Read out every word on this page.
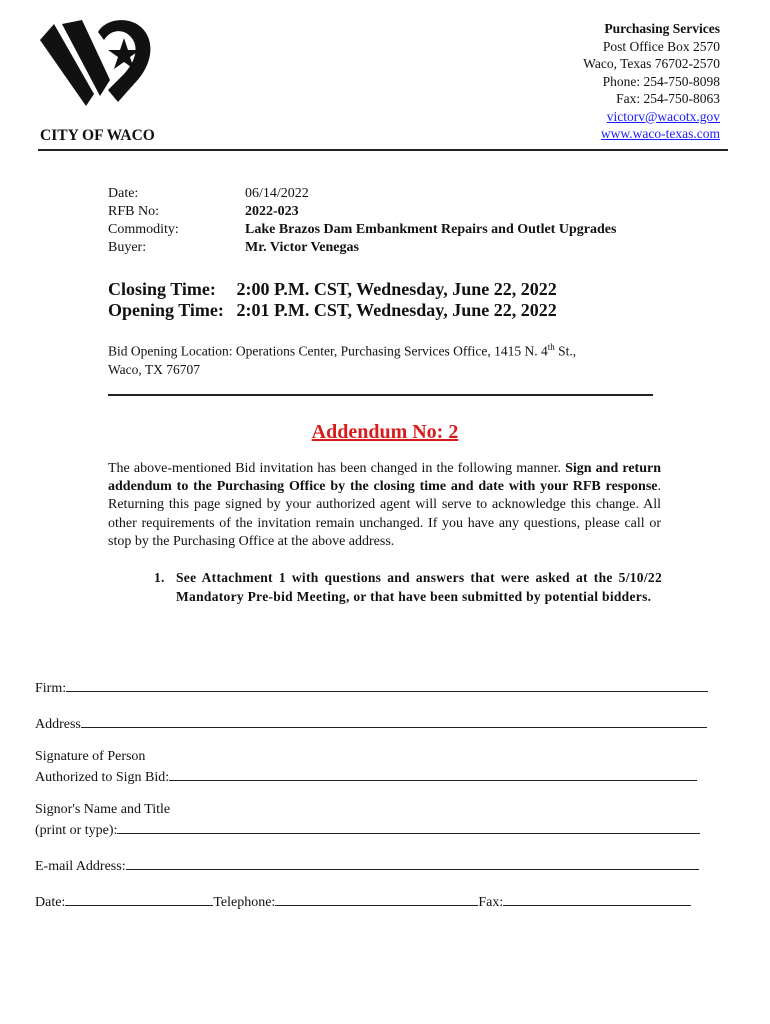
Purchasing Services
Post Office Box 2570
Waco, Texas 76702-2570
Phone: 254-750-8098
Fax: 254-750-8063
victorv@wacotx.gov
www.waco-texas.com
CITY OF WACO
Date:	06/14/2022
RFB No:	2022-023
Commodity:	Lake Brazos Dam Embankment Repairs and Outlet Upgrades
Buyer:	Mr. Victor Venegas
Closing Time: 2:00 P.M. CST, Wednesday, June 22, 2022
Opening Time: 2:01 P.M. CST, Wednesday, June 22, 2022
Bid Opening Location: Operations Center, Purchasing Services Office, 1415 N. 4th St.,
Waco, TX 76707
Addendum No: 2
The above-mentioned Bid invitation has been changed in the following manner. Sign and return addendum to the Purchasing Office by the closing time and date with your RFB response. Returning this page signed by your authorized agent will serve to acknowledge this change. All other requirements of the invitation remain unchanged. If you have any questions, please call or stop by the Purchasing Office at the above address.
1. See Attachment 1 with questions and answers that were asked at the 5/10/22 Mandatory Pre-bid Meeting, or that have been submitted by potential bidders.
Firm:
Address
Signature of Person
Authorized to Sign Bid:
Signor's Name and Title
(print or type):
E-mail Address:
Date:	Telephone:	Fax:
